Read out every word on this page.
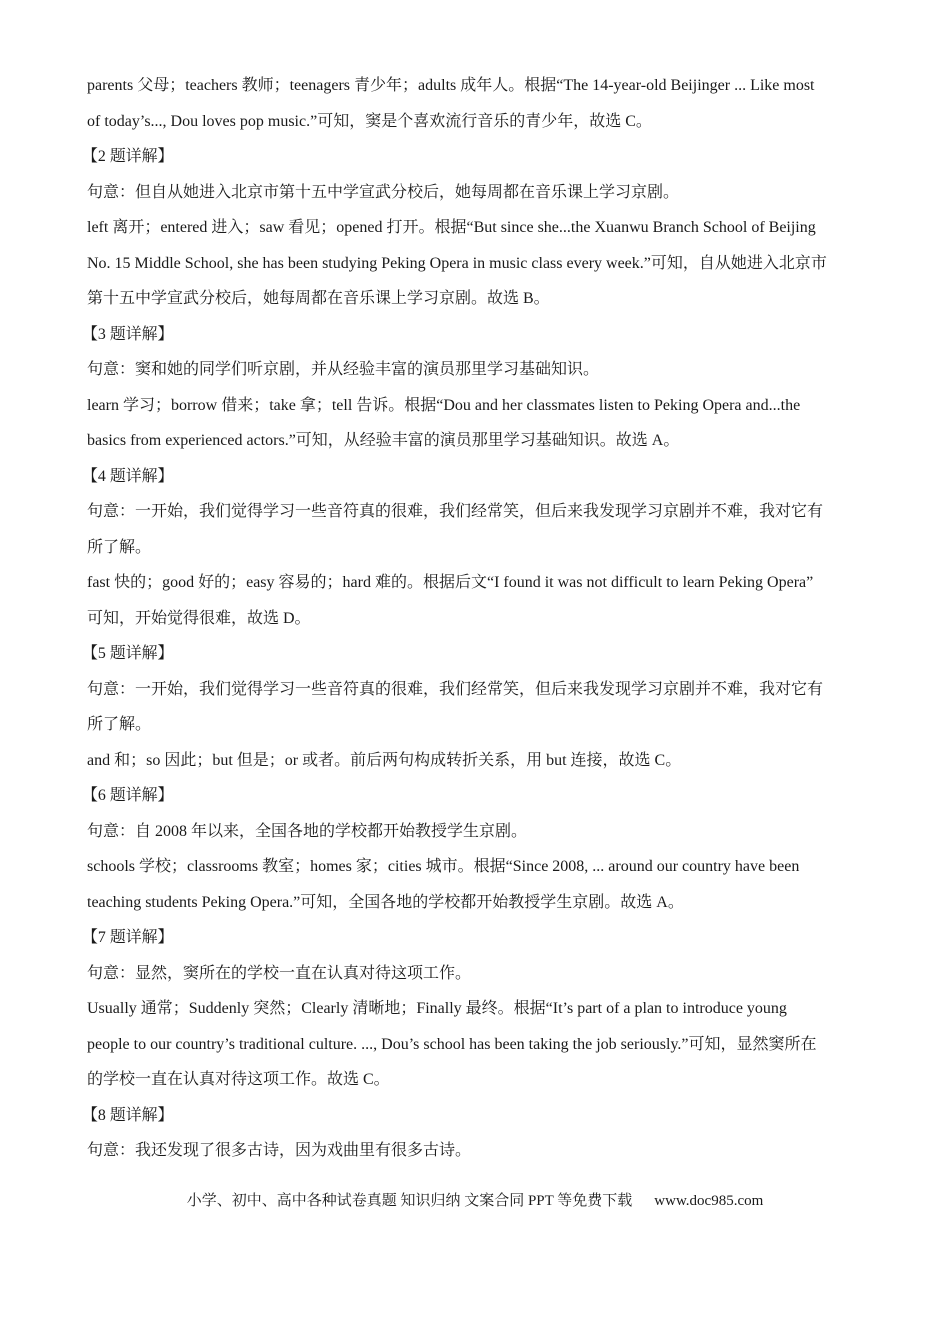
parents 父母；teachers 教师；teenagers 青少年；adults 成年人。根据“The 14-year-old Beijinger ... Like most
of today’s..., Dou loves pop music.”可知，窦是个喜欢流行音乐的青少年，故选 C。
【2 题详解】
句意：但自从她进入北京市第十五中学宣武分校后，她每周都在音乐课上学习京剧。
left 离开；entered 进入；saw 看见；opened 打开。根据“But since she...the Xuanwu Branch School of Beijing
No. 15 Middle School, she has been studying Peking Opera in music class every week.”可知，自从她进入北京市
第十五中学宣武分校后，她每周都在音乐课上学习京剧。故选 B。
【3 题详解】
句意：窦和她的同学们听京剧，并从经验丰富的演员那里学习基础知识。
learn 学习；borrow 借来；take 拿；tell 告诉。根据“Dou and her classmates listen to Peking Opera and...the
basics from experienced actors.”可知，从经验丰富的演员那里学习基础知识。故选 A。
【4 题详解】
句意：一开始，我们觉得学习一些音符真的很难，我们经常笑，但后来我发现学习京剧并不难，我对它有
所了解。
fast 快的；good 好的；easy 容易的；hard 难的。根据后文“I found it was not difficult to learn Peking Opera”
可知，开始觉得很难，故选 D。
【5 题详解】
句意：一开始，我们觉得学习一些音符真的很难，我们经常笑，但后来我发现学习京剧并不难，我对它有
所了解。
and 和；so 因此；but 但是；or 或者。前后两句构成转折关系，用 but 连接，故选 C。
【6 题详解】
句意：自 2008 年以来，全国各地的学校都开始教授学生京剧。
schools 学校；classrooms 教室；homes 家；cities 城市。根据“Since 2008, ... around our country have been
teaching students Peking Opera.”可知，全国各地的学校都开始教授学生京剧。故选 A。
【7 题详解】
句意：显然，窦所在的学校一直在认真对待这项工作。
Usually 通常；Suddenly 突然；Clearly 清晰地；Finally 最终。根据“It’s part of a plan to introduce young
people to our country’s traditional culture. ..., Dou’s school has been taking the job seriously.”可知，显然窦所在
的学校一直在认真对待这项工作。故选 C。
【8 题详解】
句意：我还发现了很多古诗，因为戏曲里有很多古诗。
小学、初中、高中各种试卷真题 知识归纳 文案合同 PPT 等免费下载 www.doc985.com
